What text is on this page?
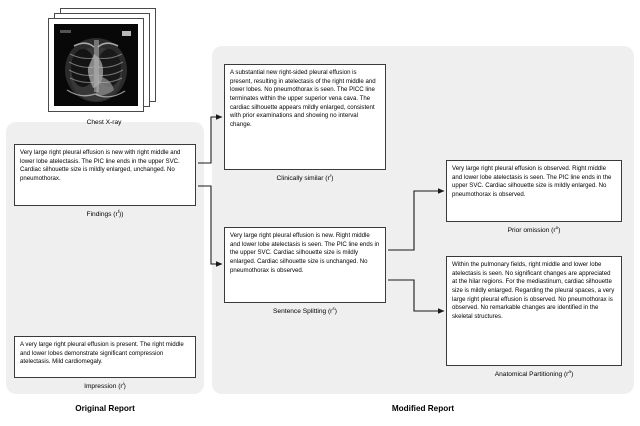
Chest X-ray
Very large right pleural effusion is new with right middle and lower lobe atelectasis. The PIC line ends in the upper SVC. Cardiac silhouette size is mildly enlarged, unchanged. No pneumothorax.
Findings $(r^f)$)
A very large right pleural effusion is present. The right middle and lower lobes demonstrate significant compression atelectasis. Mild cardiomegaly.
Impression $(r^i)$
A substantial new right-sided pleural effusion is present, resulting in atelectasis of the right middle and lower lobes. No pneumothorax is seen. The PICC line terminates within the upper superior vena cava. The cardiac silhouette appears mildly enlarged, consistent with prior examinations and showing no interval change.
Clinically similar $(r^r)$
Very large right pleural effusion is new. Right middle and lower lobe atelectasis is seen. The PIC line ends in the upper SVC. Cardiac silhouette size is mildly enlarged. Cardiac silhouette size is unchanged. No pneumothorax is observed.
Sentence Splitting $(r^s)$
Very large right pleural effusion is observed. Right middle and lower lobe atelectasis is seen. The PIC line ends in the upper SVC. Cardiac silhouette size is mildly enlarged. No pneumothorax is observed.
Prior omission $(r^o)$
Within the pulmonary fields, right middle and lower lobe atelectasis is seen. No significant changes are appreciated at the hilar regions. For the mediastinum, cardiac silhouette size is mildly enlarged. Regarding the pleural spaces, a very large right pleural effusion is observed. No pneumothorax is observed. No remarkable changes are identified in the skeletal structures.
Anatomical Partitioning $(r^a)$
Original Report	Modified Report
